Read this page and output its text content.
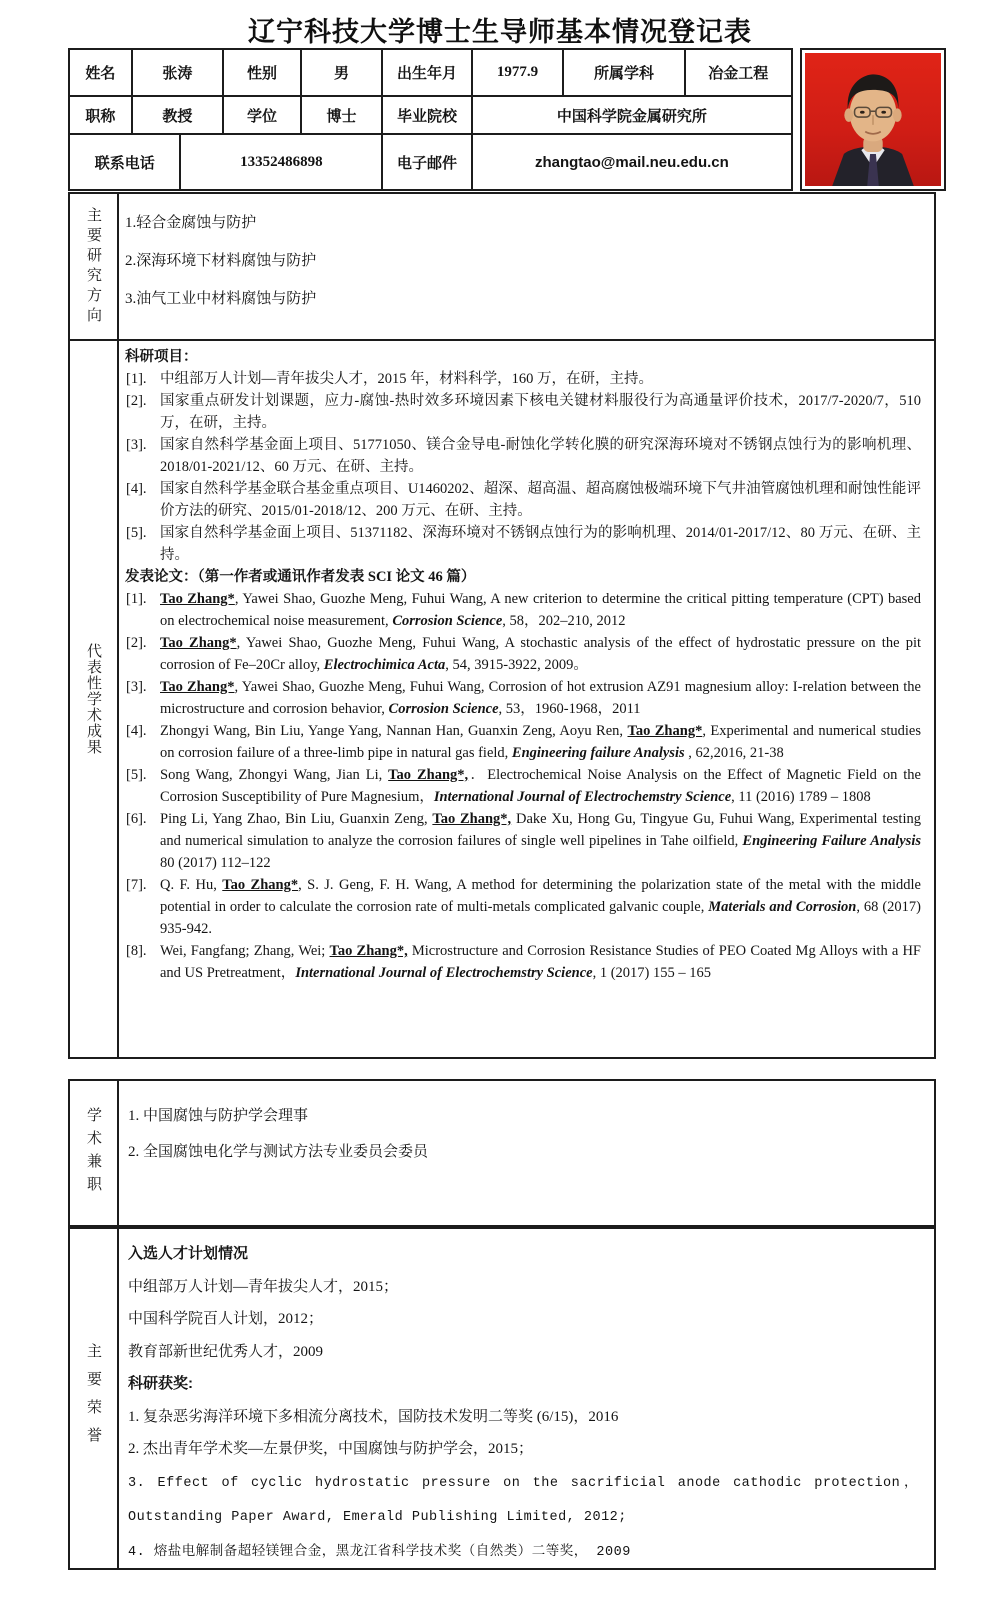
辽宁科技大学博士生导师基本情况登记表
姓名	张涛	性别	男	出生年月	1977.9	所属学科	冶金工程
职称	教授	学位	博士	毕业院校	中国科学院金属研究所
联系电话	13352486898	电子邮件	zhangtao@mail.neu.edu.cn
主要研究方向 1.轻合金腐蚀与防护
2.深海环境下材料腐蚀与防护
3.油气工业中材料腐蚀与防护
代表性学术成果
科研项目：
[1]. 中组部万人计划—青年拔尖人才，2015 年，材料科学，160 万，在研，主持。
[2]. 国家重点研发计划课题，应力-腐蚀-热时效多环境因素下核电关键材料服役行为高通量评价技术，2017/7-2020/7，510 万，在研，主持。
[3]. 国家自然科学基金面上项目、51771050、镁合金导电-耐蚀化学转化膜的研究深海环境对不锈钢点蚀行为的影响机理、2018/01-2021/12、60 万元、在研、主持。
[4]. 国家自然科学基金联合基金重点项目、U1460202、超深、超高温、超高腐蚀极端环境下气井油管腐蚀机理和耐蚀性能评价方法的研究、2015/01-2018/12、200 万元、在研、主持。
[5]. 国家自然科学基金面上项目、51371182、深海环境对不锈钢点蚀行为的影响机理、2014/01-2017/12、80 万元、在研、主持。
发表论文：（第一作者或通讯作者发表 SCI 论文 46 篇）
[1]. Tao Zhang*, Yawei Shao, Guozhe Meng, Fuhui Wang, A new criterion to determine the critical pitting temperature (CPT) based on electrochemical noise measurement, Corrosion Science, 58，202–210, 2012
[2]. Tao Zhang*, Yawei Shao, Guozhe Meng, Fuhui Wang, A stochastic analysis of the effect of hydrostatic pressure on the pit corrosion of Fe–20Cr alloy, Electrochimica Acta, 54, 3915-3922, 2009。
[3]. Tao Zhang*, Yawei Shao, Guozhe Meng, Fuhui Wang, Corrosion of hot extrusion AZ91 magnesium alloy: I-relation between the microstructure and corrosion behavior, Corrosion Science, 53，1960-1968，2011
[4]. Zhongyi Wang, Bin Liu, Yange Yang, Nannan Han, Guanxin Zeng, Aoyu Ren, Tao Zhang*, Experimental and numerical studies on corrosion failure of a three-limb pipe in natural gas field, Engineering failure Analysis , 62,2016, 21-38
[5]. Song Wang, Zhongyi Wang, Jian Li, Tao Zhang*,．Electrochemical Noise Analysis on the Effect of Magnetic Field on the Corrosion Susceptibility of Pure Magnesium，International Journal of Electrochemstry Science, 11 (2016) 1789 – 1808
[6]. Ping Li, Yang Zhao, Bin Liu, Guanxin Zeng, Tao Zhang*, Dake Xu, Hong Gu, Tingyue Gu, Fuhui Wang, Experimental testing and numerical simulation to analyze the corrosion failures of single well pipelines in Tahe oilfield, Engineering Failure Analysis 80 (2017) 112–122
[7]. Q. F. Hu, Tao Zhang*, S. J. Geng, F. H. Wang, A method for determining the polarization state of the metal with the middle potential in order to calculate the corrosion rate of multi-metals complicated galvanic couple, Materials and Corrosion, 68 (2017) 935-942.
[8]. Wei, Fangfang; Zhang, Wei; Tao Zhang*, Microstructure and Corrosion Resistance Studies of PEO Coated Mg Alloys with a HF and US Pretreatment，International Journal of Electrochemstry Science, 1 (2017) 155 – 165
学术兼职 1. 中国腐蚀与防护学会理事
2. 全国腐蚀电化学与测试方法专业委员会委员
主要荣誉
入选人才计划情况
中组部万人计划—青年拔尖人才，2015；
中国科学院百人计划，2012；
教育部新世纪优秀人才，2009
科研获奖:
1. 复杂恶劣海洋环境下多相流分离技术，国防技术发明二等奖 (6/15)，2016
2. 杰出青年学术奖—左景伊奖，中国腐蚀与防护学会，2015；
3. Effect of cyclic hydrostatic pressure on the sacrificial anode cathodic protection，Outstanding Paper Award, Emerald Publishing Limited, 2012;
4. 熔盐电解制备超轻镁锂合金，黑龙江省科学技术奖（自然类）二等奖， 2009
